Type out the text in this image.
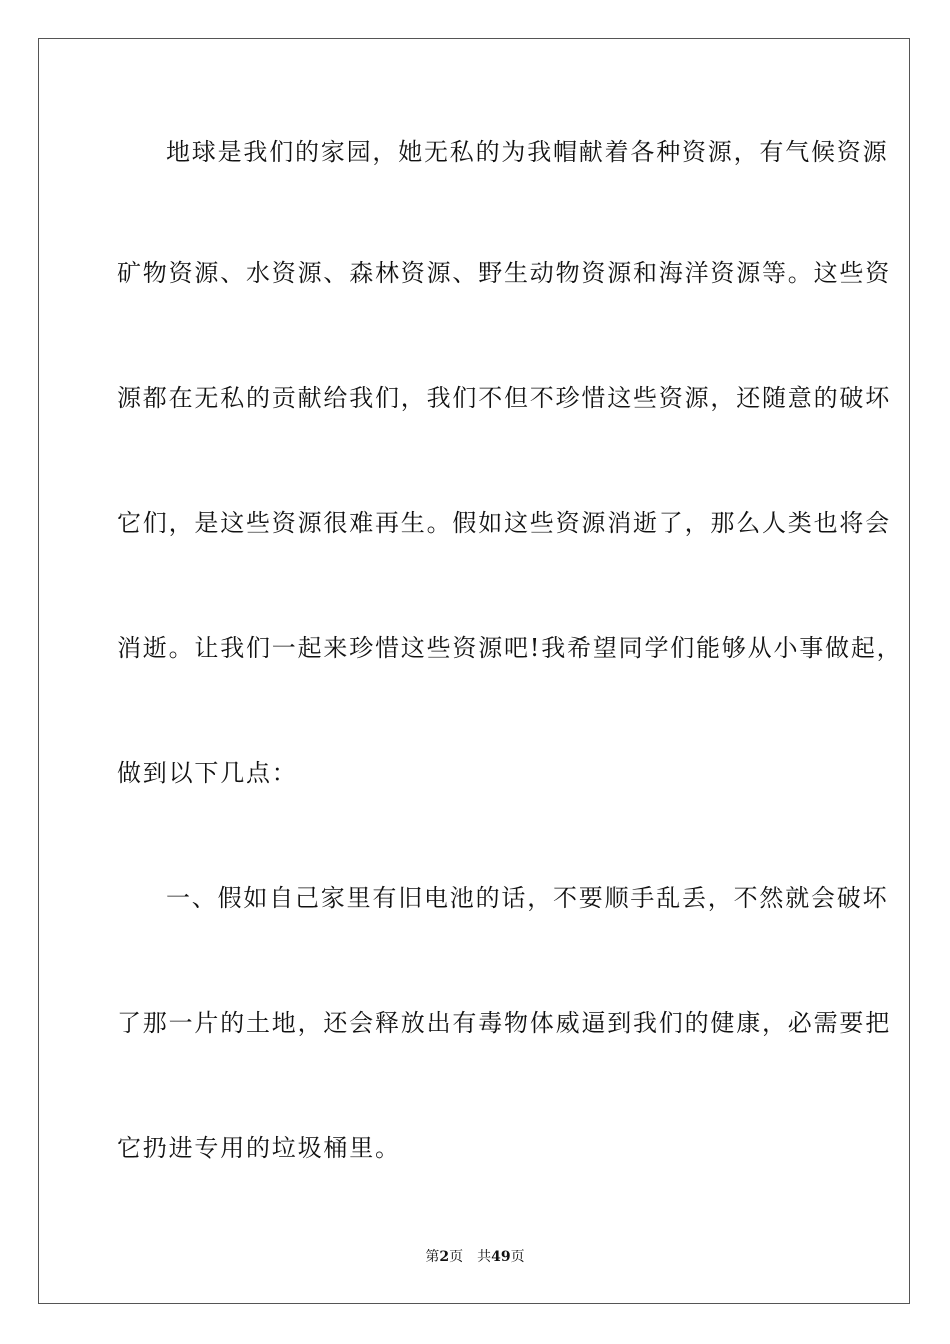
地球是我们的家园，她无私的为我帽献着各种资源，有气候资源
矿物资源、水资源、森林资源、野生动物资源和海洋资源等。这些资
源都在无私的贡献给我们，我们不但不珍惜这些资源，还随意的破坏
它们，是这些资源很难再生。假如这些资源消逝了，那么人类也将会
消逝。让我们一起来珍惜这些资源吧!我希望同学们能够从小事做起，
做到以下几点：
一、假如自己家里有旧电池的话，不要顺手乱丢，不然就会破坏
了那一片的土地，还会释放出有毒物体威逼到我们的健康，必需要把
它扔进专用的垃圾桶里。
第2页 共49页
